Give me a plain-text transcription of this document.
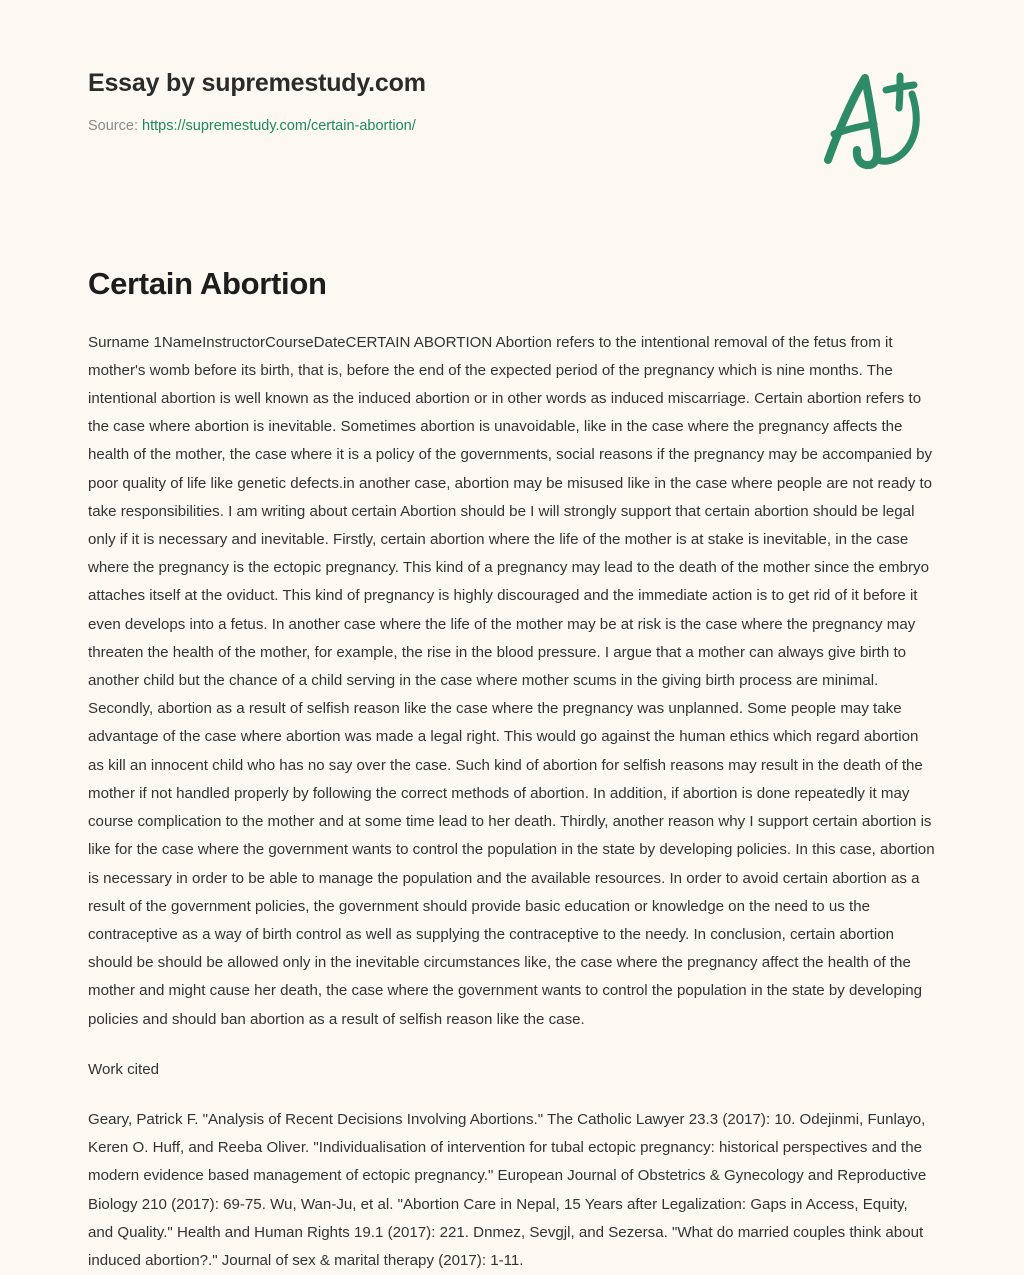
Essay by supremestudy.com
Source: https://supremestudy.com/certain-abortion/
Certain Abortion

Surname 1NameInstructorCourseDateCERTAIN ABORTION Abortion refers to the intentional removal of the fetus from it mother's womb before its birth, that is, before the end of the expected period of the pregnancy which is nine months. The intentional abortion is well known as the induced abortion or in other words as induced miscarriage. Certain abortion refers to the case where abortion is inevitable. Sometimes abortion is unavoidable, like in the case where the pregnancy affects the health of the mother, the case where it is a policy of the governments, social reasons if the pregnancy may be accompanied by poor quality of life like genetic defects.in another case, abortion may be misused like in the case where people are not ready to take responsibilities. I am writing about certain Abortion should be I will strongly support that certain abortion should be legal only if it is necessary and inevitable. Firstly, certain abortion where the life of the mother is at stake is inevitable, in the case where the pregnancy is the ectopic pregnancy. This kind of a pregnancy may lead to the death of the mother since the embryo attaches itself at the oviduct. This kind of pregnancy is highly discouraged and the immediate action is to get rid of it before it even develops into a fetus. In another case where the life of the mother may be at risk is the case where the pregnancy may threaten the health of the mother, for example, the rise in the blood pressure. I argue that a mother can always give birth to another child but the chance of a child serving in the case where mother scums in the giving birth process are minimal. Secondly, abortion as a result of selfish reason like the case where the pregnancy was unplanned. Some people may take advantage of the case where abortion was made a legal right. This would go against the human ethics which regard abortion as kill an innocent child who has no say over the case. Such kind of abortion for selfish reasons may result in the death of the mother if not handled properly by following the correct methods of abortion. In addition, if abortion is done repeatedly it may course complication to the mother and at some time lead to her death. Thirdly, another reason why I support certain abortion is like for the case where the government wants to control the population in the state by developing policies. In this case, abortion is necessary in order to be able to manage the population and the available resources. In order to avoid certain abortion as a result of the government policies, the government should provide basic education or knowledge on the need to us the contraceptive as a way of birth control as well as supplying the contraceptive to the needy. In conclusion, certain abortion should be should be allowed only in the inevitable circumstances like, the case where the pregnancy affect the health of the mother and might cause her death, the case where the government wants to control the population in the state by developing policies and should ban abortion as a result of selfish reason like the case.

Work cited

Geary, Patrick F. "Analysis of Recent Decisions Involving Abortions." The Catholic Lawyer 23.3 (2017): 10. Odejinmi, Funlayo, Keren O. Huff, and Reeba Oliver. "Individualisation of intervention for tubal ectopic pregnancy: historical perspectives and the modern evidence based management of ectopic pregnancy." European Journal of Obstetrics & Gynecology and Reproductive Biology 210 (2017): 69-75. Wu, Wan-Ju, et al. "Abortion Care in Nepal, 15 Years after Legalization: Gaps in Access, Equity, and Quality." Health and Human Rights 19.1 (2017): 221. Dnmez, Sevgjl, and Sezersa. "What do married couples think about induced abortion?." Journal of sex & marital therapy (2017): 1-11.
